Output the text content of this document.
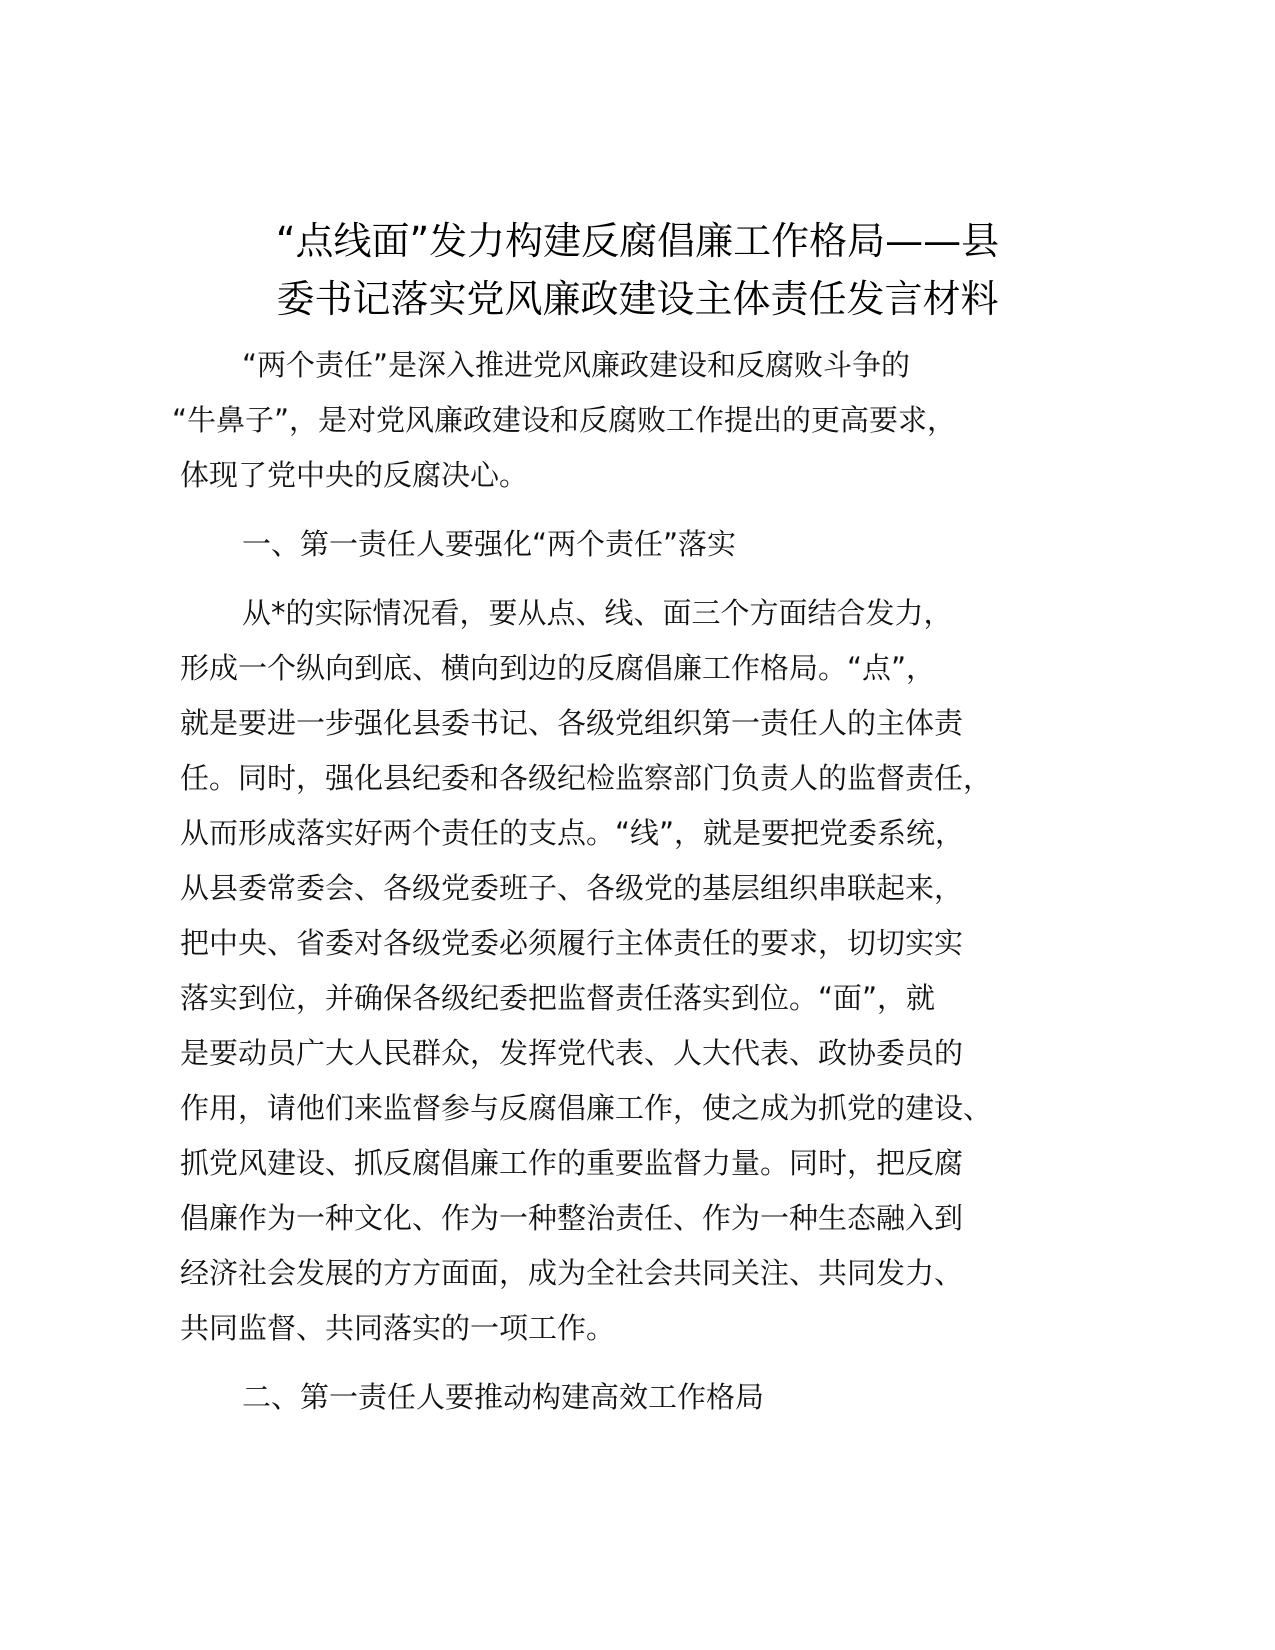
“点线面”发力构建反腐倡廉工作格局——县
委书记落实党风廉政建设主体责任发言材料
“两个责任”是深入推进党风廉政建设和反腐败斗争的
“牛鼻子”，是对党风廉政建设和反腐败工作提出的更高要求，
体现了党中央的反腐决心。
一、第一责任人要强化“两个责任”落实
从*的实际情况看，要从点、线、面三个方面结合发力，
形成一个纵向到底、横向到边的反腐倡廉工作格局。“点”，
就是要进一步强化县委书记、各级党组织第一责任人的主体责
任。同时，强化县纪委和各级纪检监察部门负责人的监督责任，
从而形成落实好两个责任的支点。“线”，就是要把党委系统，
从县委常委会、各级党委班子、各级党的基层组织串联起来，
把中央、省委对各级党委必须履行主体责任的要求，切切实实
落实到位，并确保各级纪委把监督责任落实到位。“面”，就
是要动员广大人民群众，发挥党代表、人大代表、政协委员的
作用，请他们来监督参与反腐倡廉工作，使之成为抓党的建设、
抓党风建设、抓反腐倡廉工作的重要监督力量。同时，把反腐
倡廉作为一种文化、作为一种整治责任、作为一种生态融入到
经济社会发展的方方面面，成为全社会共同关注、共同发力、
共同监督、共同落实的一项工作。
二、第一责任人要推动构建高效工作格局
